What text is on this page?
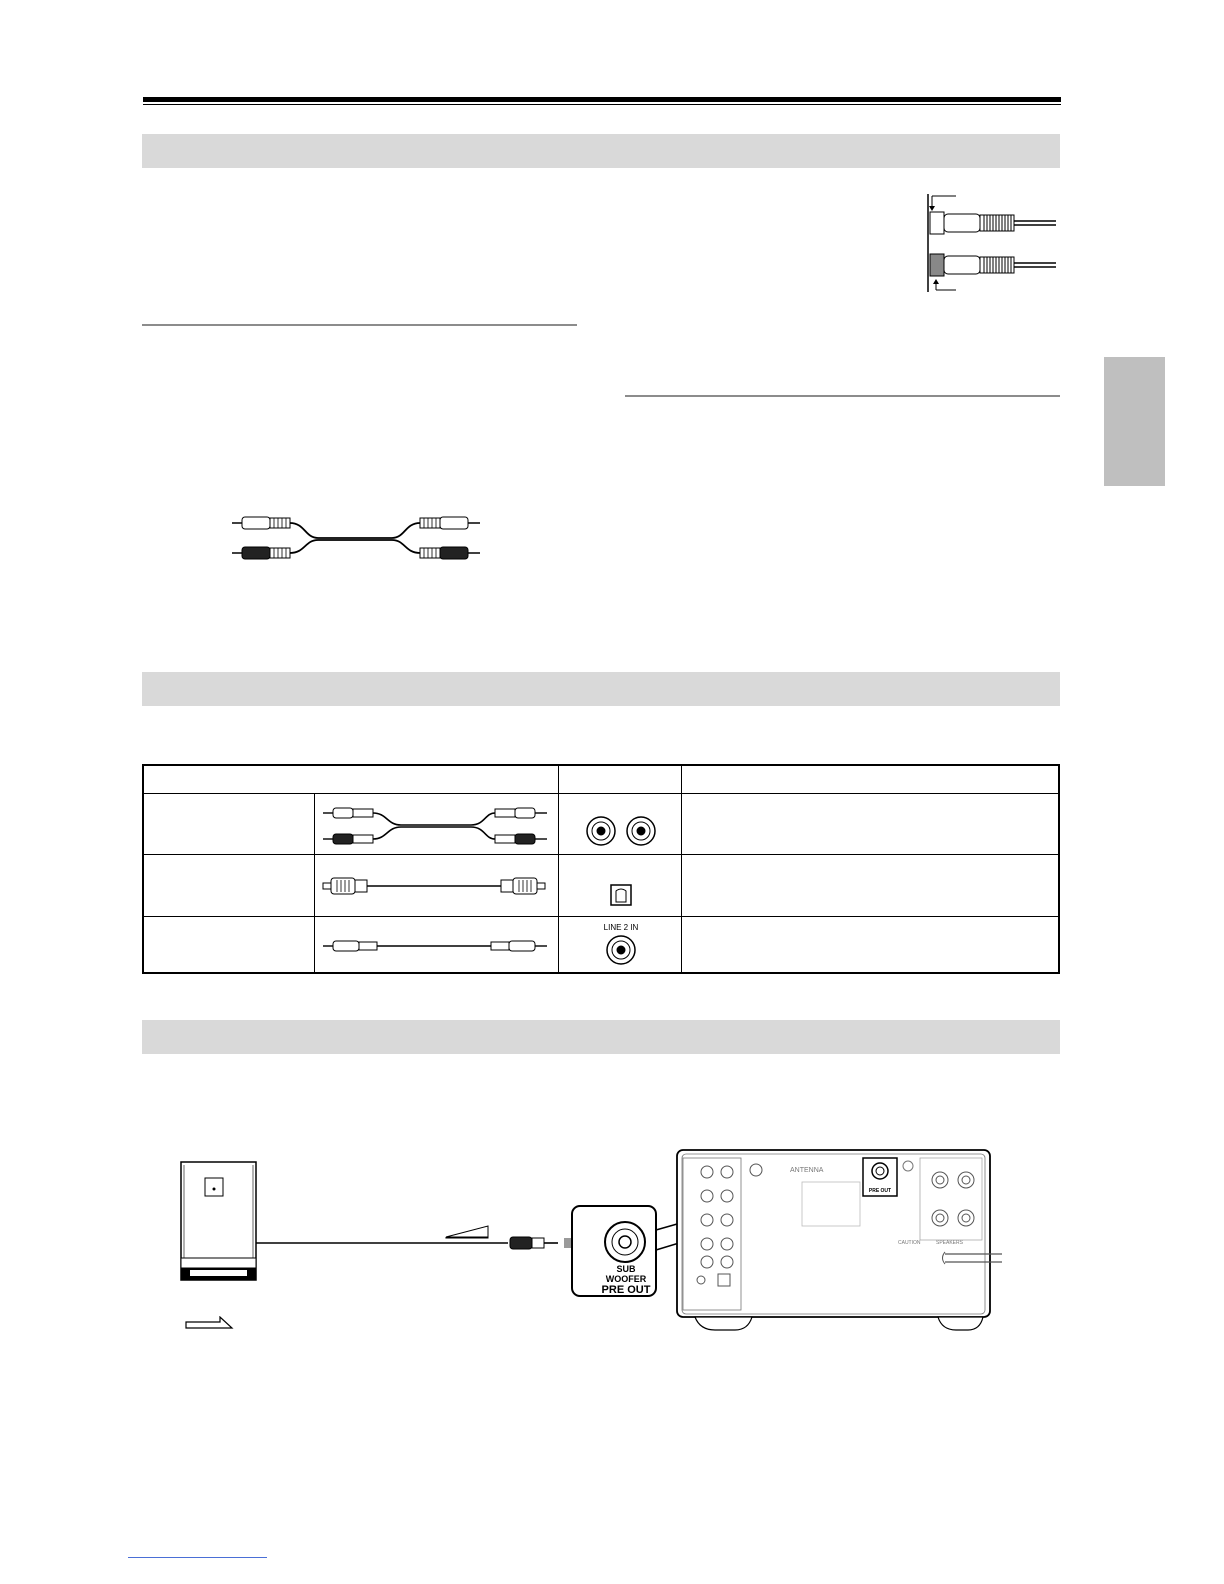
LINE 2 IN	

SUB
WOOFER
PRE OUT
ANTENNA
PRE OUT
SPEAKERS
CAUTION
